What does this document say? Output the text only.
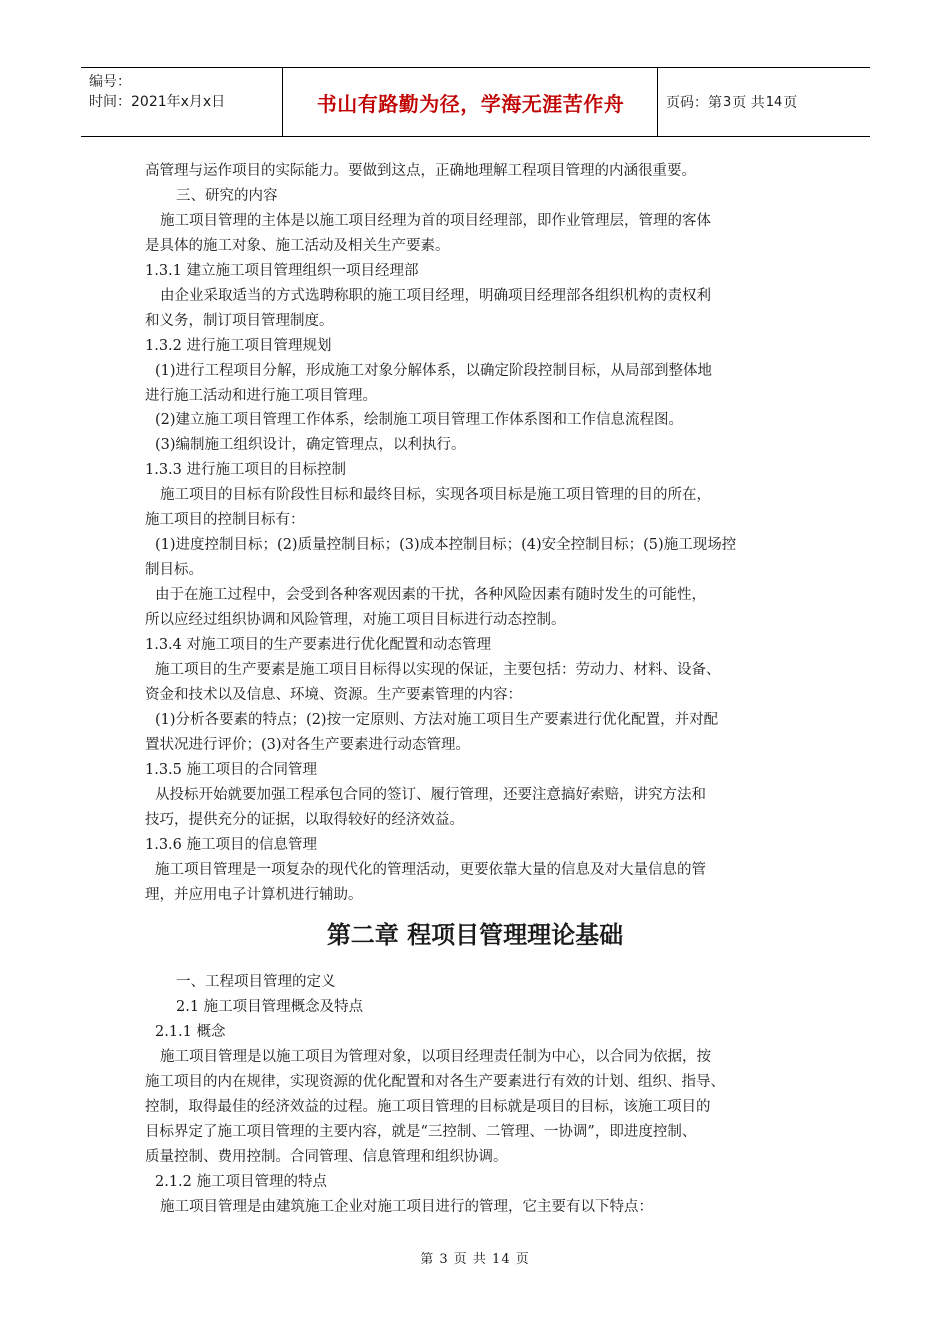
编号：
时间：2021年x月x日	书山有路勤为径，学海无涯苦作舟	页码：第 3 页 共 14 页
高管理与运作项目的实际能力。要做到这点，正确地理解工程项目管理的内涵很重要。
三、研究的内容
施工项目管理的主体是以施工项目经理为首的项目经理部，即作业管理层，管理的客体
是具体的施工对象、施工活动及相关生产要素。
1.3.1 建立施工项目管理组织一项目经理部
由企业采取适当的方式选聘称职的施工项目经理，明确项目经理部各组织机构的责权利
和义务，制订项目管理制度。
1.3.2 进行施工项目管理规划
(1)进行工程项目分解，形成施工对象分解体系，以确定阶段控制目标，从局部到整体地
进行施工活动和进行施工项目管理。
(2)建立施工项目管理工作体系，绘制施工项目管理工作体系图和工作信息流程图。
(3)编制施工组织设计，确定管理点，以利执行。
1.3.3 进行施工项目的目标控制
施工项目的目标有阶段性目标和最终目标，实现各项目标是施工项目管理的目的所在，
施工项目的控制目标有：
(1)进度控制目标；(2)质量控制目标；(3)成本控制目标；(4)安全控制目标；(5)施工现场控
制目标。
由于在施工过程中，会受到各种客观因素的干扰，各种风险因素有随时发生的可能性，
所以应经过组织协调和风险管理，对施工项目目标进行动态控制。
1.3.4 对施工项目的生产要素进行优化配置和动态管理
施工项目的生产要素是施工项目目标得以实现的保证，主要包括：劳动力、材料、设备、
资金和技术以及信息、环境、资源。生产要素管理的内容：
(1)分析各要素的特点；(2)按一定原则、方法对施工项目生产要素进行优化配置，并对配
置状况进行评价；(3)对各生产要素进行动态管理。
1.3.5 施工项目的合同管理
从投标开始就要加强工程承包合同的签订、履行管理，还要注意搞好索赔，讲究方法和
技巧，提供充分的证据，以取得较好的经济效益。
1.3.6 施工项目的信息管理
施工项目管理是一项复杂的现代化的管理活动，更要依靠大量的信息及对大量信息的管
理，并应用电子计算机进行辅助。
第二章 程项目管理理论基础
一、工程项目管理的定义
2.1 施工项目管理概念及特点
2.1.1 概念
施工项目管理是以施工项目为管理对象，以项目经理责任制为中心，以合同为依据，按
施工项目的内在规律，实现资源的优化配置和对各生产要素进行有效的计划、组织、指导、
控制，取得最佳的经济效益的过程。施工项目管理的目标就是项目的目标，该施工项目的
目标界定了施工项目管理的主要内容，就是“三控制、二管理、一协调”，即进度控制、
质量控制、费用控制。合同管理、信息管理和组织协调。
2.1.2 施工项目管理的特点
施工项目管理是由建筑施工企业对施工项目进行的管理，它主要有以下特点：
第 3 页 共 14 页
